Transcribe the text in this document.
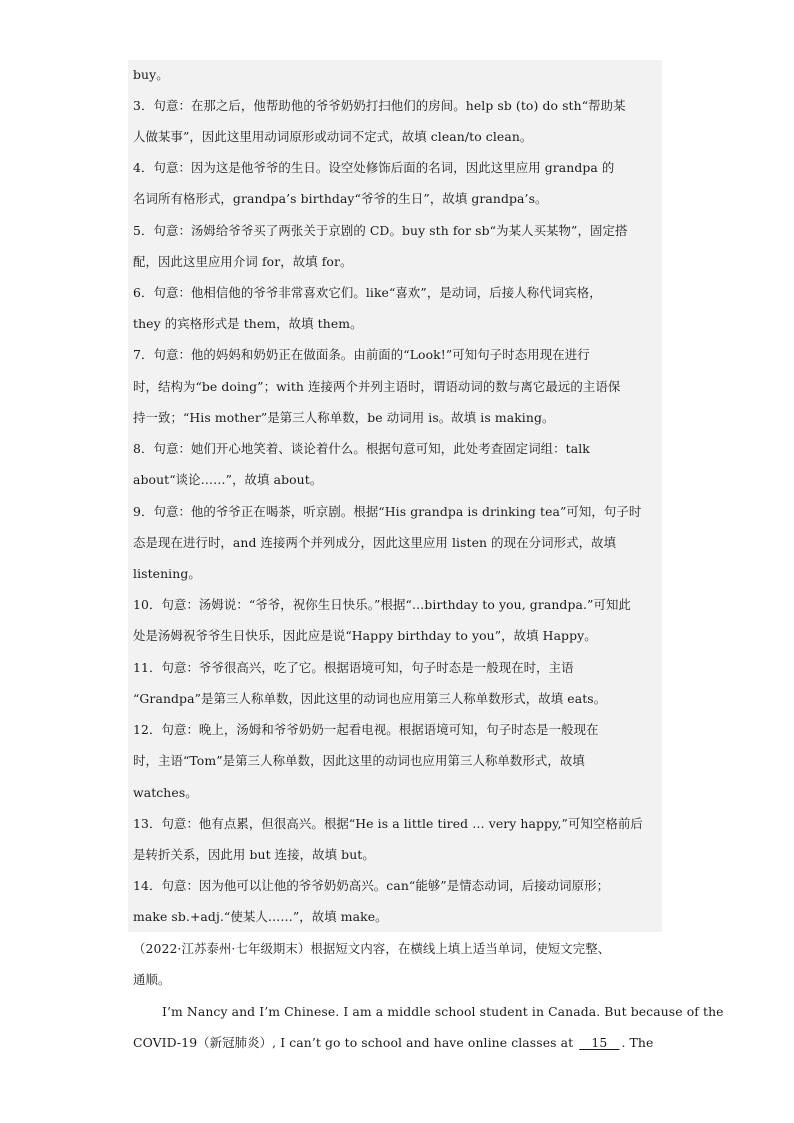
buy。
3．句意：在那之后，他帮助他的爷爷奶奶打扫他们的房间。help sb (to) do sth“帮助某
人做某事”，因此这里用动词原形或动词不定式，故填 clean/to clean。
4．句意：因为这是他爷爷的生日。设空处修饰后面的名词，因此这里应用 grandpa 的
名词所有格形式，grandpa’s birthday“爷爷的生日”，故填 grandpa’s。
5．句意：汤姆给爷爷买了两张关于京剧的 CD。buy sth for sb“为某人买某物”，固定搭
配，因此这里应用介词 for，故填 for。
6．句意：他相信他的爷爷非常喜欢它们。like“喜欢”，是动词，后接人称代词宾格，
they 的宾格形式是 them，故填 them。
7．句意：他的妈妈和奶奶正在做面条。由前面的“Look!”可知句子时态用现在进行
时，结构为“be doing”；with 连接两个并列主语时，谓语动词的数与离它最远的主语保
持一致；“His mother”是第三人称单数，be 动词用 is。故填 is making。
8．句意：她们开心地笑着、谈论着什么。根据句意可知，此处考查固定词组：talk
about“谈论……”，故填 about。
9．句意：他的爷爷正在喝茶，听京剧。根据“His grandpa is drinking tea”可知，句子时
态是现在进行时，and 连接两个并列成分，因此这里应用 listen 的现在分词形式，故填
listening。
10．句意：汤姆说：“爷爷，祝你生日快乐。”根据“…birthday to you, grandpa.”可知此
处是汤姆祝爷爷生日快乐，因此应是说“Happy birthday to you”，故填 Happy。
11．句意：爷爷很高兴，吃了它。根据语境可知，句子时态是一般现在时，主语
“Grandpa”是第三人称单数，因此这里的动词也应用第三人称单数形式，故填 eats。
12．句意：晚上，汤姆和爷爷奶奶一起看电视。根据语境可知，句子时态是一般现在
时，主语“Tom”是第三人称单数，因此这里的动词也应用第三人称单数形式，故填
watches。
13．句意：他有点累，但很高兴。根据“He is a little tired … very happy,”可知空格前后
是转折关系，因此用 but 连接，故填 but。
14．句意：因为他可以让他的爷爷奶奶高兴。can“能够”是情态动词，后接动词原形；
make sb.+adj.“使某人……”，故填 make。
（2022·江苏泰州·七年级期末）根据短文内容，在横线上填上适当单词，使短文完整、
通顺。
I’m Nancy and I’m Chinese. I am a middle school student in Canada. But because of the
COVID-19（新冠肺炎）, I can’t go to school and have online classes at    15   . The
